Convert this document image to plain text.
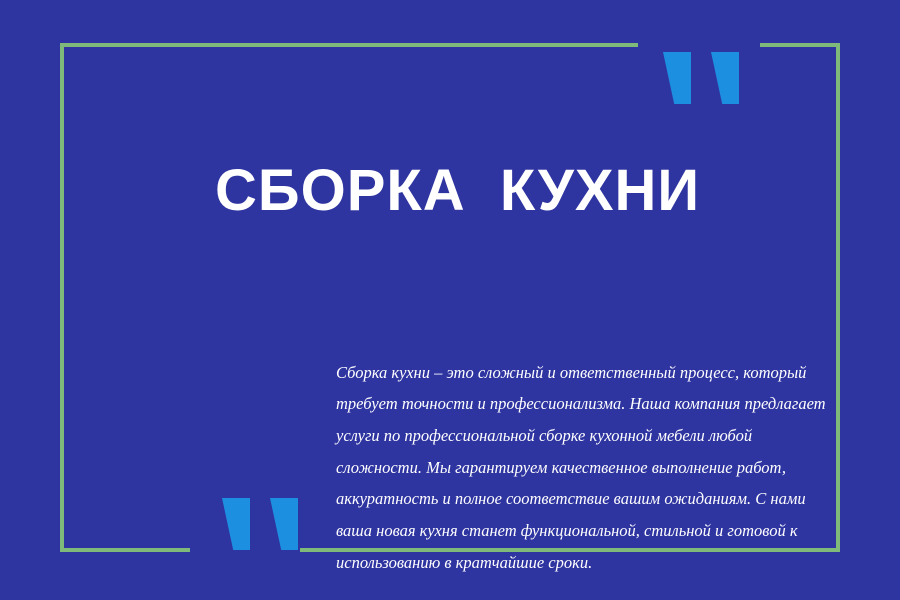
СБОРКА  КУХНИ

Сборка кухни – это сложный и ответственный процесс, который требует точности и профессионализма. Наша компания предлагает услуги по профессиональной сборке кухонной мебели любой сложности. Мы гарантируем качественное выполнение работ, аккуратность и полное соответствие вашим ожиданиям. С нами ваша новая кухня станет функциональной, стильной и готовой к использованию в кратчайшие сроки.
